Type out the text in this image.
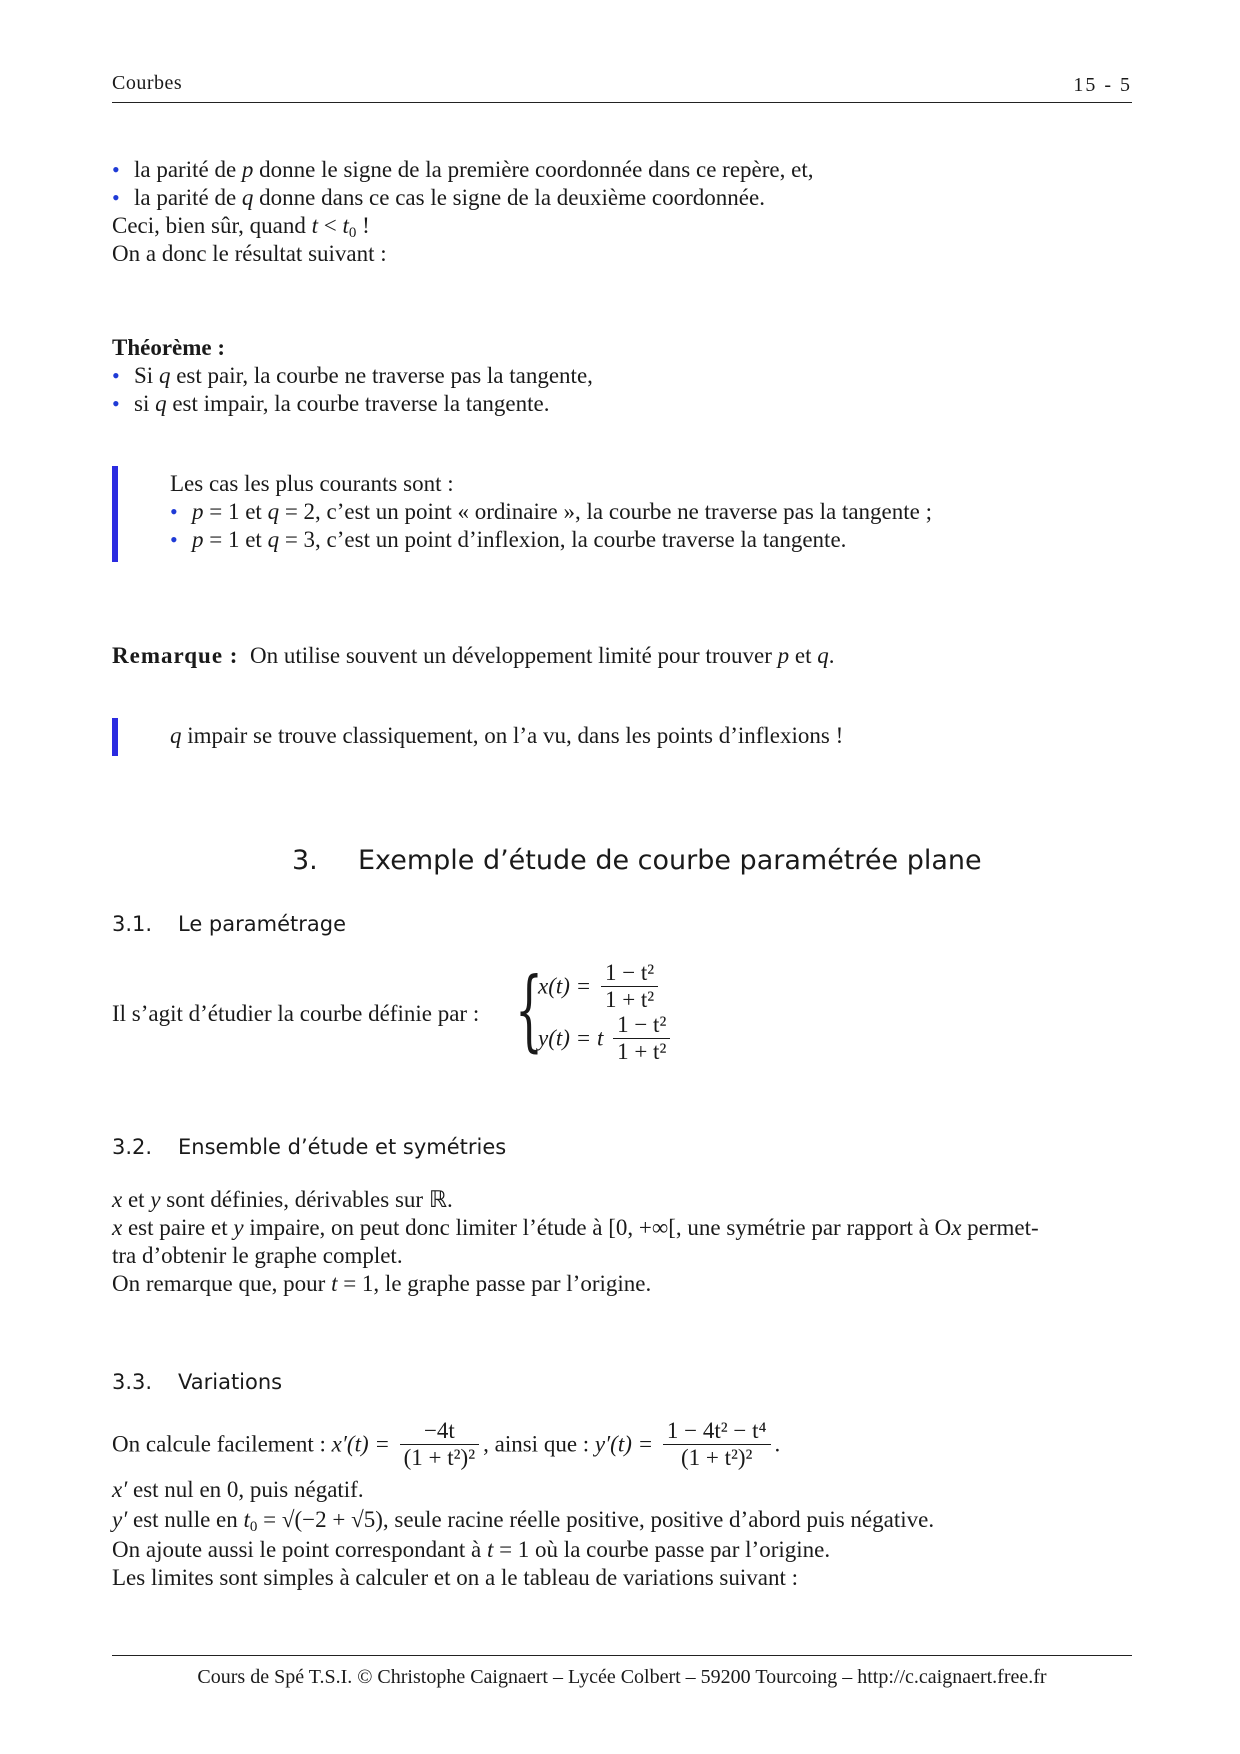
Courbes	15 - 5
• la parité de p donne le signe de la première coordonnée dans ce repère, et,
• la parité de q donne dans ce cas le signe de la deuxième coordonnée.
Ceci, bien sûr, quand $t < t_0$ !
On a donc le résultat suivant :
Théorème :
• Si q est pair, la courbe ne traverse pas la tangente,
• si q est impair, la courbe traverse la tangente.
Les cas les plus courants sont :
• p = 1 et q = 2, c’est un point « ordinaire », la courbe ne traverse pas la tangente ;
• p = 1 et q = 3, c’est un point d’inflexion, la courbe traverse la tangente.
Remarque : On utilise souvent un développement limité pour trouver p et q.
q impair se trouve classiquement, on l’a vu, dans les points d’inflexions !
3. Exemple d’étude de courbe paramétrée plane
3.1. Le paramétrage
Il s’agit d’étudier la courbe définie par : {
$x(t) = \frac{\text{1 − t²}}{\text{1 + t²}}$
y(t) = t $\frac{\text{1 − t²}}{\text{1 + t²}}$
3.2. Ensemble d’étude et symétries
x et y sont définies, dérivables sur ℝ.
x est paire et y impaire, on peut donc limiter l’étude à [0, +∞[, une symétrie par rapport à Ox permet-
tra d’obtenir le graphe complet.
On remarque que, pour t = 1, le graphe passe par l’origine.
3.3. Variations
On calcule facilement : $x'(t) = \frac{-4t}{\text{(1 + t²)²}}$ , ainsi que : $y'(t) = \frac{\text{1 − 4t² − t⁴}}{\text{(1 + t²)²}}$ .
x′ est nul en 0, puis négatif.
y′ est nulle en $t_0 = √(-2 + √5)$, seule racine réelle positive, positive d’abord puis négative.
On ajoute aussi le point correspondant à t = 1 où la courbe passe par l’origine.
Les limites sont simples à calculer et on a le tableau de variations suivant :
Cours de Spé T.S.I. © Christophe Caignaert – Lycée Colbert – 59200 Tourcoing – http://c.caignaert.free.fr
